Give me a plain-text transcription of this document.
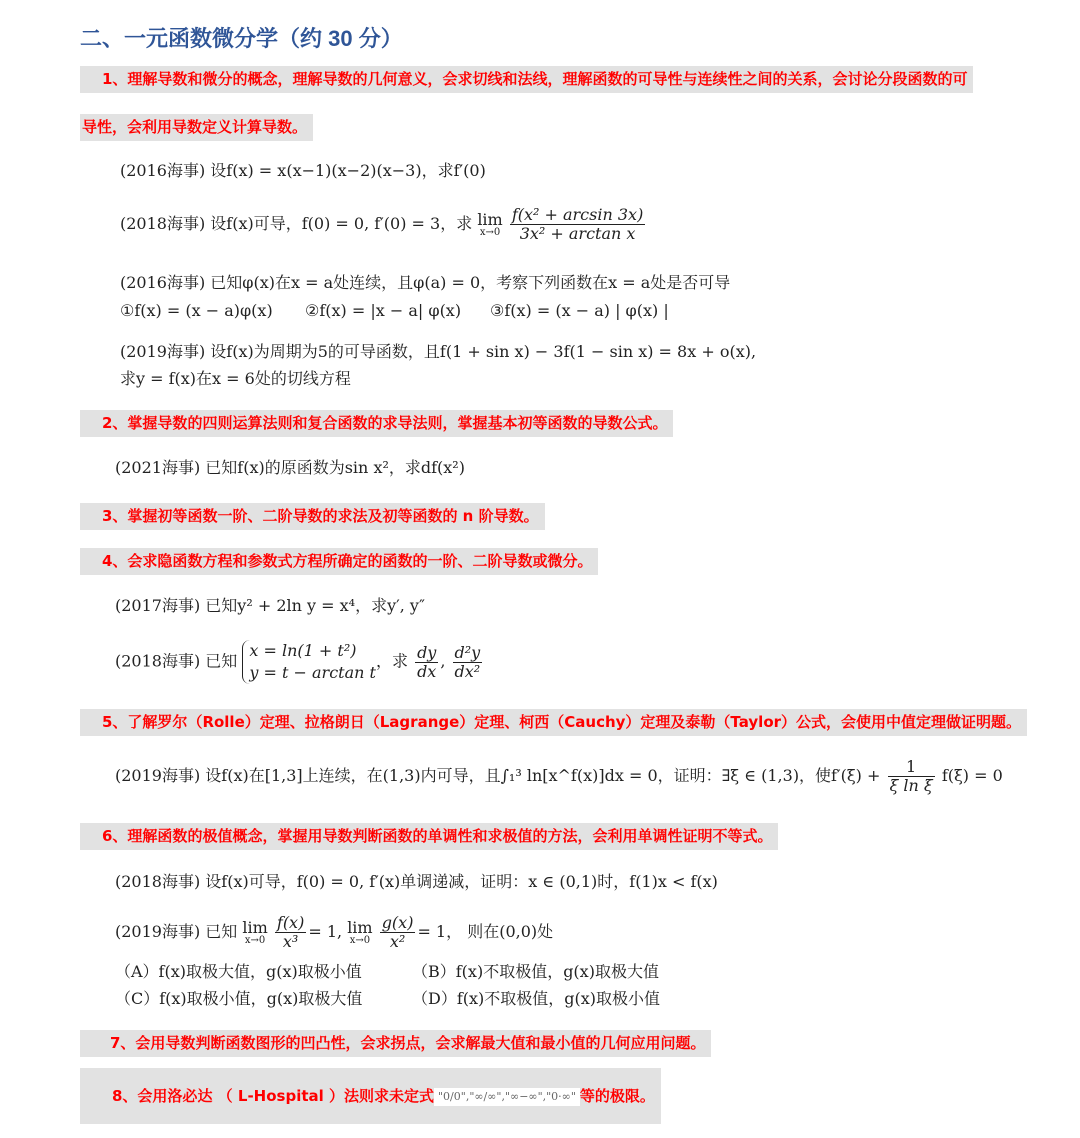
二、一元函数微分学（约 30 分）
1、理解导数和微分的概念，理解导数的几何意义，会求切线和法线，理解函数的可导性与连续性之间的关系，会讨论分段函数的可
导性，会利用导数定义计算导数。
(2016海事) 设f(x) = x(x−1)(x−2)(x−3)，求f′(0)
(2018海事) 设f(x)可导，f(0) = 0, f′(0) = 3，求 lim
x→0
$\frac{\text{f(x² + arcsin 3x)}}{\text{3x² + arctan x}}$
(2016海事) 已知φ(x)在x = a处连续，且φ(a) = 0，考察下列函数在x = a处是否可导
①f(x) = (x − a)φ(x) ②f(x) = |x − a| φ(x) ③f(x) = (x − a) | φ(x) |
(2019海事) 设f(x)为周期为5的可导函数，且f(1 + sin x) − 3f(1 − sin x) = 8x + o(x),
求y = f(x)在x = 6处的切线方程
2、掌握导数的四则运算法则和复合函数的求导法则，掌握基本初等函数的导数公式。
(2021海事) 已知f(x)的原函数为sin x²，求df(x²)
3、掌握初等函数一阶、二阶导数的求法及初等函数的 n 阶导数。
4、会求隐函数方程和参数式方程所确定的函数的一阶、二阶导数或微分。
(2017海事) 已知y² + 2ln y = x⁴，求y′, y″
(2018海事) 已知
x = ln(1 + t²)
y = t − arctan t
，求 $\frac{dy}{dx}$ , $\frac{\text{d²y}}{\text{dx²}}$
5、了解罗尔（Rolle）定理、拉格朗日（Lagrange）定理、柯西（Cauchy）定理及泰勒（Taylor）公式，会使用中值定理做证明题。
(2019海事) 设f(x)在[1,3]上连续，在(1,3)内可导，且∫₁³ ln[x^f(x)]dx = 0，证明：∃ξ ∈ (1,3)，使$f'(\xi) + \frac{1}{\text{ξ ln ξ}} f(\xi) = 0$
6、理解函数的极值概念，掌握用导数判断函数的单调性和求极值的方法，会利用单调性证明不等式。
(2018海事) 设f(x)可导，f(0) = 0, f′(x)单调递减，证明：x ∈ (0,1)时，f(1)x < f(x)
(2019海事) 已知 lim
x→0
$\frac{f(x)}{\text{x³}} = 1$, lim
x→0
$\frac{g(x)}{\text{x²}} = 1$， 则在(0,0)处
（A）f(x)取极大值，g(x)取极小值	（B）f(x)不取极值，g(x)取极大值
（C）f(x)取极小值，g(x)取极大值	（D）f(x)不取极值，g(x)取极小值
7、会用导数判断函数图形的凹凸性，会求拐点，会求解最大值和最小值的几何应用问题。
8、会用洛必达 （ L-Hospital ）法则求未定式 "0/0","∞/∞","∞−∞","0·∞" 等的极限。
